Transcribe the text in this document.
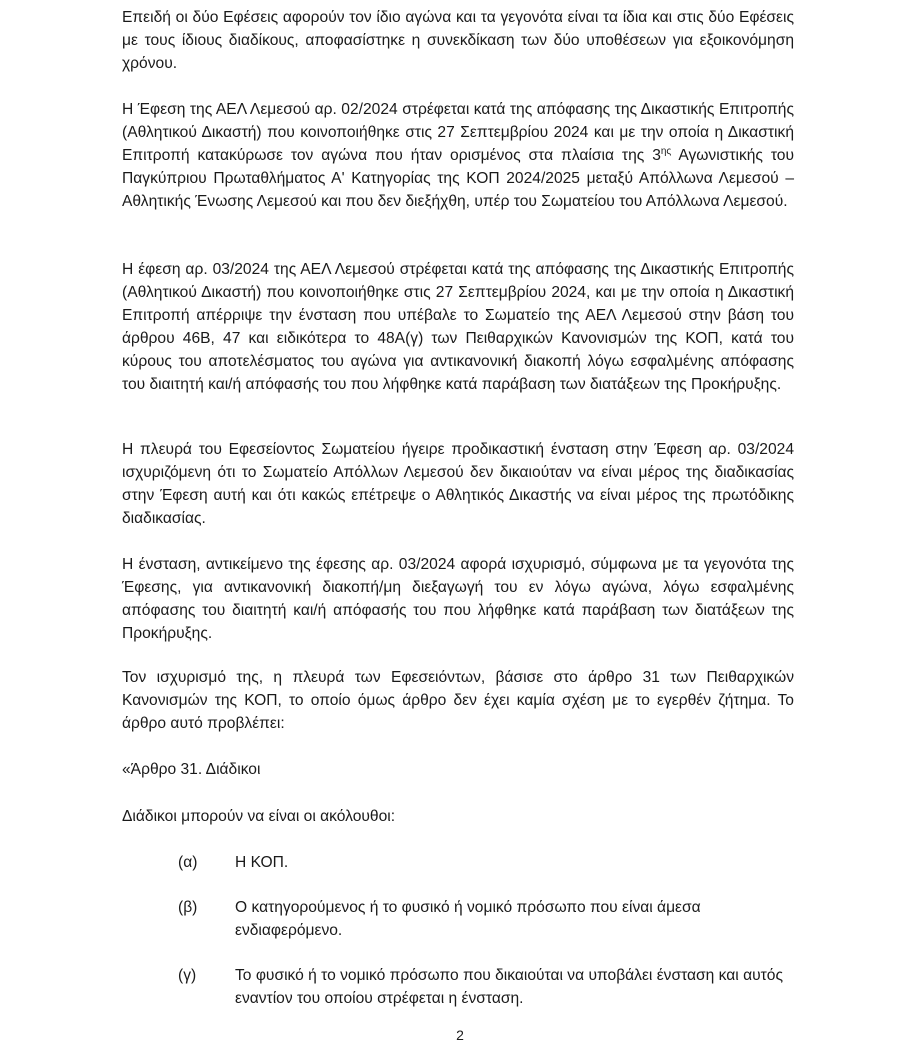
Επειδή οι δύο Εφέσεις αφορούν τον ίδιο αγώνα και τα γεγονότα είναι τα ίδια και στις δύο Εφέσεις με τους ίδιους διαδίκους, αποφασίστηκε η συνεκδίκαση των δύο υποθέσεων για εξοικονόμηση χρόνου.

Η Έφεση της ΑΕΛ Λεμεσού αρ. 02/2024 στρέφεται κατά της απόφασης της Δικαστικής Επιτροπής (Αθλητικού Δικαστή) που κοινοποιήθηκε στις 27 Σεπτεμβρίου 2024 και με την οποία η Δικαστική Επιτροπή κατακύρωσε τον αγώνα που ήταν ορισμένος στα πλαίσια της $3^{\eta\varsigma}$ Αγωνιστικής του Παγκύπριου Πρωταθλήματος Α' Κατηγορίας της ΚΟΠ 2024/2025 μεταξύ Απόλλωνα Λεμεσού – Αθλητικής Ένωσης Λεμεσού και που δεν διεξήχθη, υπέρ του Σωματείου του Απόλλωνα Λεμεσού.

Η έφεση αρ. 03/2024 της ΑΕΛ Λεμεσού στρέφεται κατά της απόφασης της Δικαστικής Επιτροπής (Αθλητικού Δικαστή) που κοινοποιήθηκε στις 27 Σεπτεμβρίου 2024, και με την οποία η Δικαστική Επιτροπή απέρριψε την ένσταση που υπέβαλε το Σωματείο της ΑΕΛ Λεμεσού στην βάση του άρθρου 46Β, 47 και ειδικότερα το 48Α(γ) των Πειθαρχικών Κανονισμών της ΚΟΠ, κατά του κύρους του αποτελέσματος του αγώνα για αντικανονική διακοπή λόγω εσφαλμένης απόφασης του διαιτητή και/ή απόφασής του που λήφθηκε κατά παράβαση των διατάξεων της Προκήρυξης.

Η πλευρά του Εφεσείοντος Σωματείου ήγειρε προδικαστική ένσταση στην Έφεση αρ. 03/2024 ισχυριζόμενη ότι το Σωματείο Απόλλων Λεμεσού δεν δικαιούταν να είναι μέρος της διαδικασίας στην Έφεση αυτή και ότι κακώς επέτρεψε ο Αθλητικός Δικαστής να είναι μέρος της πρωτόδικης διαδικασίας.

Η ένσταση, αντικείμενο της έφεσης αρ. 03/2024 αφορά ισχυρισμό, σύμφωνα με τα γεγονότα της Έφεσης, για αντικανονική διακοπή/μη διεξαγωγή του εν λόγω αγώνα, λόγω εσφαλμένης απόφασης του διαιτητή και/ή απόφασής του που λήφθηκε κατά παράβαση των διατάξεων της Προκήρυξης.

Τον ισχυρισμό της, η πλευρά των Εφεσειόντων, βάσισε στο άρθρο 31 των Πειθαρχικών Κανονισμών της ΚΟΠ, το οποίο όμως άρθρο δεν έχει καμία σχέση με το εγερθέν ζήτημα. Το άρθρο αυτό προβλέπει:

«Άρθρο 31. Διάδικοι

Διάδικοι μπορούν να είναι οι ακόλουθοι:

(α) Η ΚΟΠ.

(β) Ο κατηγορούμενος ή το φυσικό ή νομικό πρόσωπο που είναι άμεσα ενδιαφερόμενο.

(γ) Το φυσικό ή το νομικό πρόσωπο που δικαιούται να υποβάλει ένσταση και αυτός εναντίον του οποίου στρέφεται η ένσταση.

2
